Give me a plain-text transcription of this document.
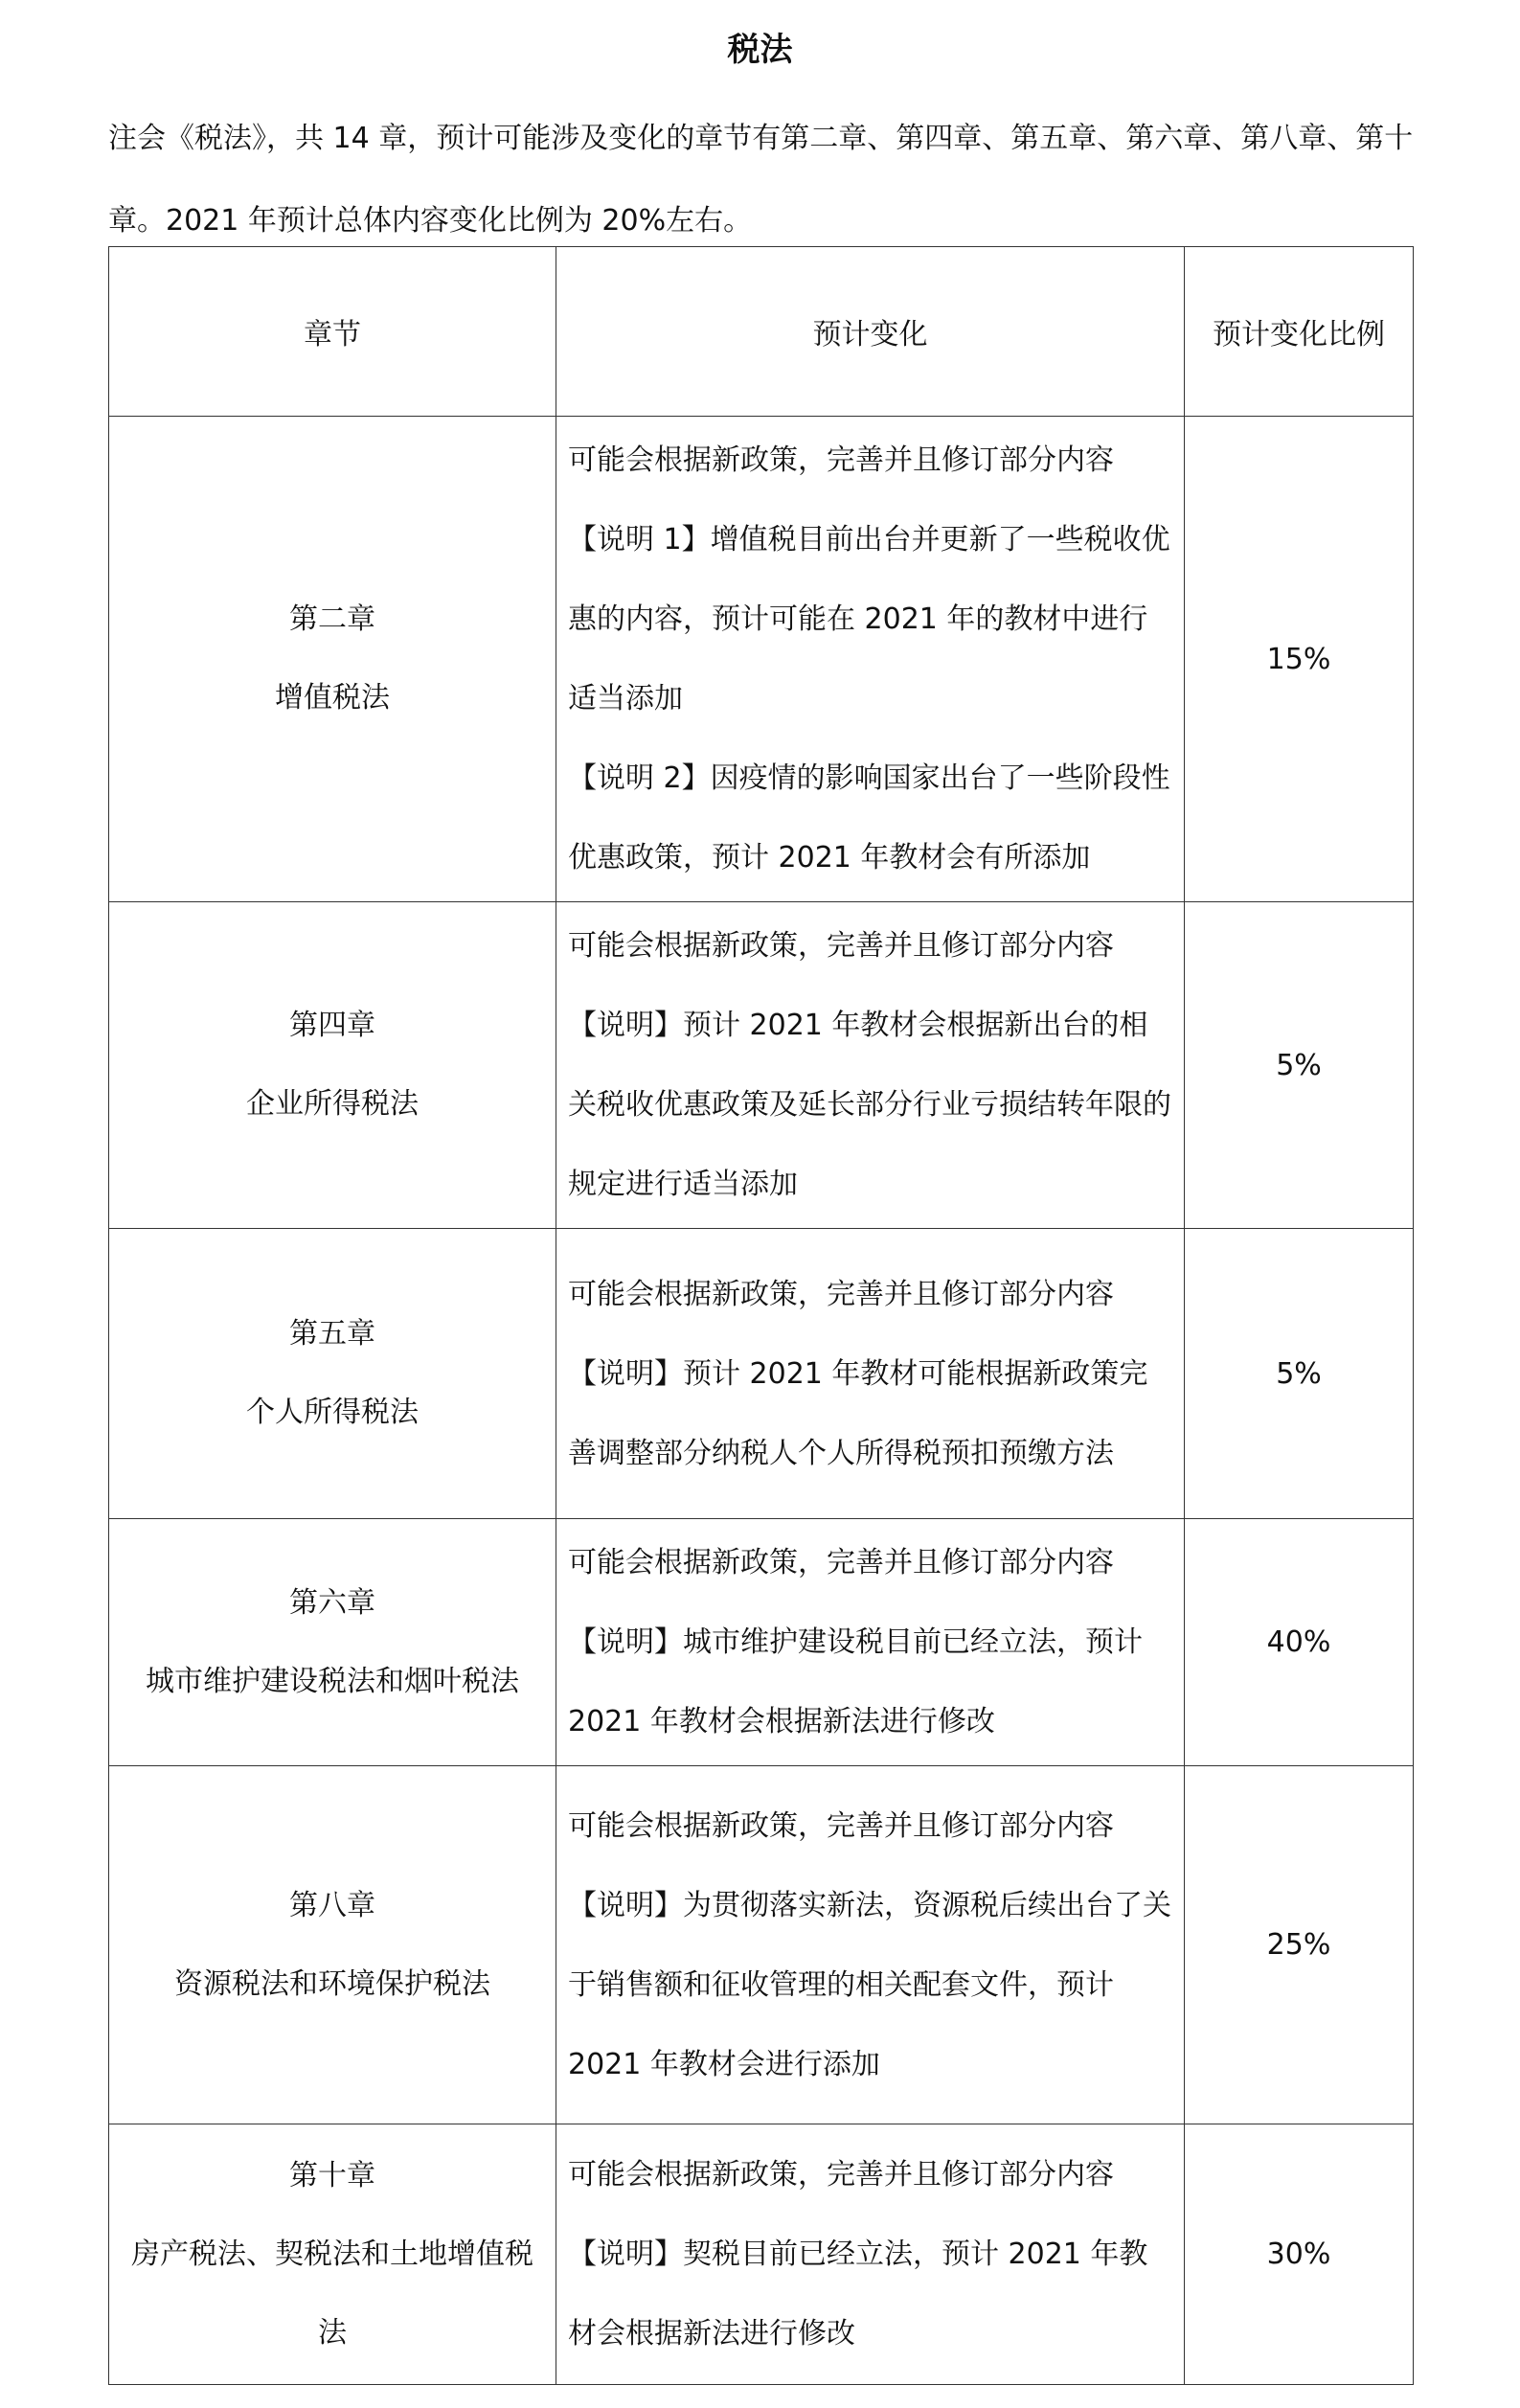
税法
注会《税法》，共 14 章，预计可能涉及变化的章节有第二章、第四章、第五章、第六章、第八章、第十章。2021 年预计总体内容变化比例为 20%左右。
章节	预计变化	预计变化比例

第二章
增值税法	可能会根据新政策，完善并且修订部分内容
【说明 1】增值税目前出台并更新了一些税收优惠的内容，预计可能在 2021 年的教材中进行适当添加
【说明 2】因疫情的影响国家出台了一些阶段性优惠政策，预计 2021 年教材会有所添加	15%

第四章
企业所得税法	可能会根据新政策，完善并且修订部分内容
【说明】预计 2021 年教材会根据新出台的相关税收优惠政策及延长部分行业亏损结转年限的规定进行适当添加	5%

第五章
个人所得税法	可能会根据新政策，完善并且修订部分内容
【说明】预计 2021 年教材可能根据新政策完善调整部分纳税人个人所得税预扣预缴方法	5%

第六章
城市维护建设税法和烟叶税法	可能会根据新政策，完善并且修订部分内容
【说明】城市维护建设税目前已经立法，预计 2021 年教材会根据新法进行修改	40%

第八章
资源税法和环境保护税法	可能会根据新政策，完善并且修订部分内容
【说明】为贯彻落实新法，资源税后续出台了关于销售额和征收管理的相关配套文件，预计 2021 年教材会进行添加	25%

第十章
房产税法、契税法和土地增值税法	可能会根据新政策，完善并且修订部分内容
【说明】契税目前已经立法，预计 2021 年教材会根据新法进行修改	30%
